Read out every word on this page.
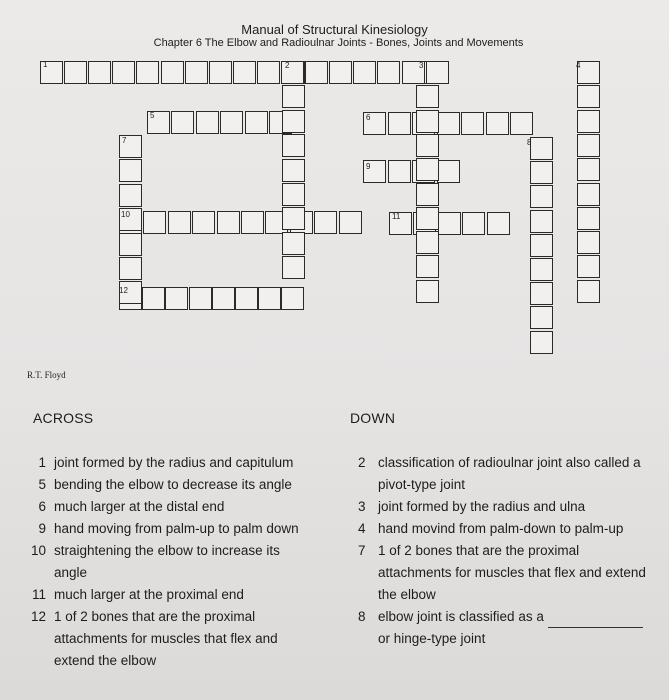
Manual of Structural Kinesiology
Chapter 6 The Elbow and Radioulnar Joints - Bones, Joints and Movements
1	2	3	4
5	6
7	8
9
10	11
12
R.T. Floyd
ACROSS	DOWN
1 joint formed by the radius and capitulum
5 bending the elbow to decrease its angle
6 much larger at the distal end
9 hand moving from palm-up to palm down
10 straightening the elbow to increase its angle
11 much larger at the proximal end
12 1 of 2 bones that are the proximal attachments for muscles that flex and extend the elbow
2 classification of radioulnar joint also called a pivot-type joint
3 joint formed by the radius and ulna
4 hand movind from palm-down to palm-up
7 1 of 2 bones that are the proximal attachments for muscles that flex and extend the elbow
8 elbow joint is classified as a
or hinge-type joint
